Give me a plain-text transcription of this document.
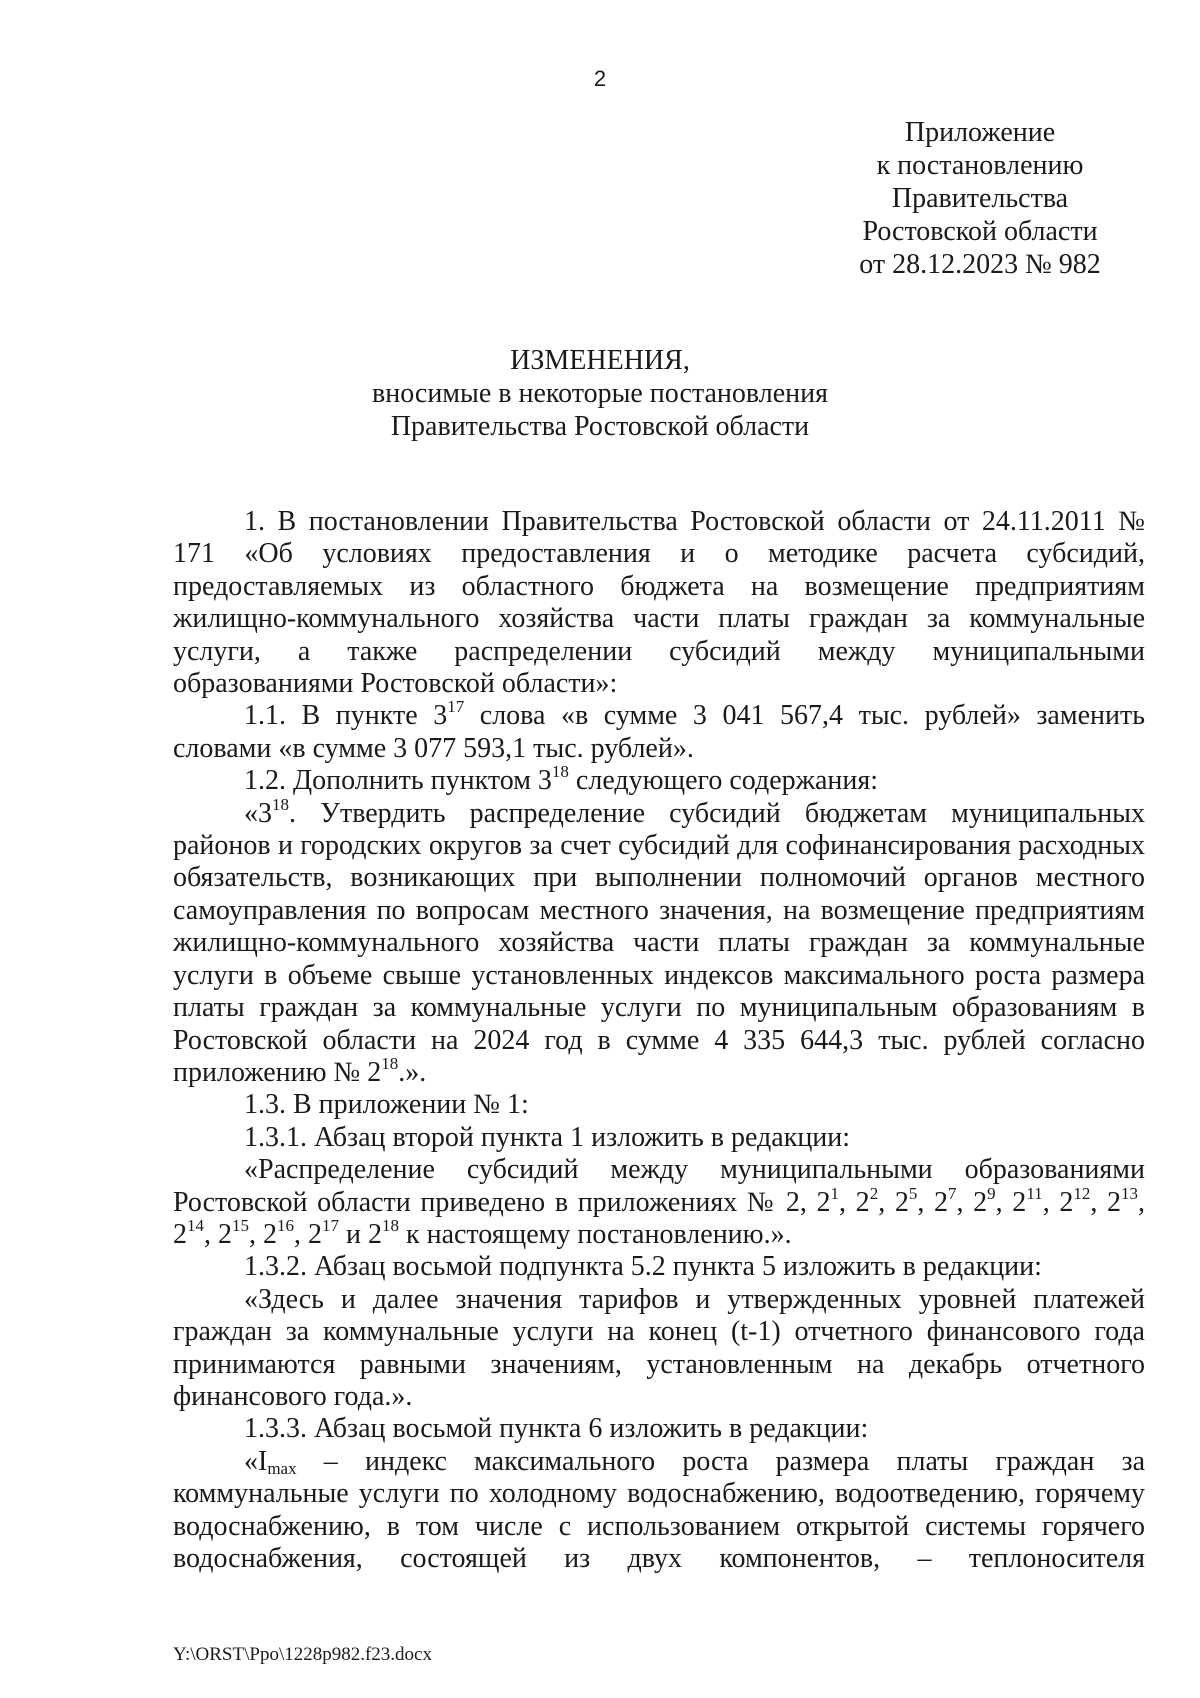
2
Приложение
к постановлению
Правительства
Ростовской области
от 28.12.2023 № 982
ИЗМЕНЕНИЯ,
вносимые в некоторые постановления
Правительства Ростовской области

1. В постановлении Правительства Ростовской области от 24.11.2011 № 171 «Об условиях предоставления и о методике расчета субсидий, предоставляемых из областного бюджета на возмещение предприятиям жилищно-коммунального хозяйства части платы граждан за коммунальные услуги, а также распределении субсидий между муниципальными образованиями Ростовской области»:

1.1. В пункте $3^{17}$ слова «в сумме 3 041 567,4 тыс. рублей» заменить словами «в сумме 3 077 593,1 тыс. рублей».

1.2. Дополнить пунктом $3^{18}$ следующего содержания:

«$3^{18}$. Утвердить распределение субсидий бюджетам муниципальных районов и городских округов за счет субсидий для софинансирования расходных обязательств, возникающих при выполнении полномочий органов местного самоуправления по вопросам местного значения, на возмещение предприятиям жилищно-коммунального хозяйства части платы граждан за коммунальные услуги в объеме свыше установленных индексов максимального роста размера платы граждан за коммунальные услуги по муниципальным образованиям в Ростовской области на 2024 год в сумме 4 335 644,3 тыс. рублей согласно приложению № $2^{18}$.».

1.3. В приложении № 1:

1.3.1. Абзац второй пункта 1 изложить в редакции:

«Распределение субсидий между муниципальными образованиями Ростовской области приведено в приложениях № 2, $2^1$, $2^2$, $2^5$, $2^7$, $2^9$, $2^{11}$, $2^{12}$, $2^{13}$, $2^{14}$, $2^{15}$, $2^{16}$, $2^{17}$ и $2^{18}$ к настоящему постановлению.».

1.3.2. Абзац восьмой подпункта 5.2 пункта 5 изложить в редакции:

«Здесь и далее значения тарифов и утвержденных уровней платежей граждан за коммунальные услуги на конец (t-1) отчетного финансового года принимаются равными значениям, установленным на декабрь отчетного финансового года.».

1.3.3. Абзац восьмой пункта 6 изложить в редакции:

«$I_{max}$ – индекс максимального роста размера платы граждан за коммунальные услуги по холодному водоснабжению, водоотведению, горячему водоснабжению, в том числе с использованием открытой системы горячего водоснабжения, состоящей из двух компонентов, – теплоносителя

Y:\ORST\Ppo\1228p982.f23.docx
